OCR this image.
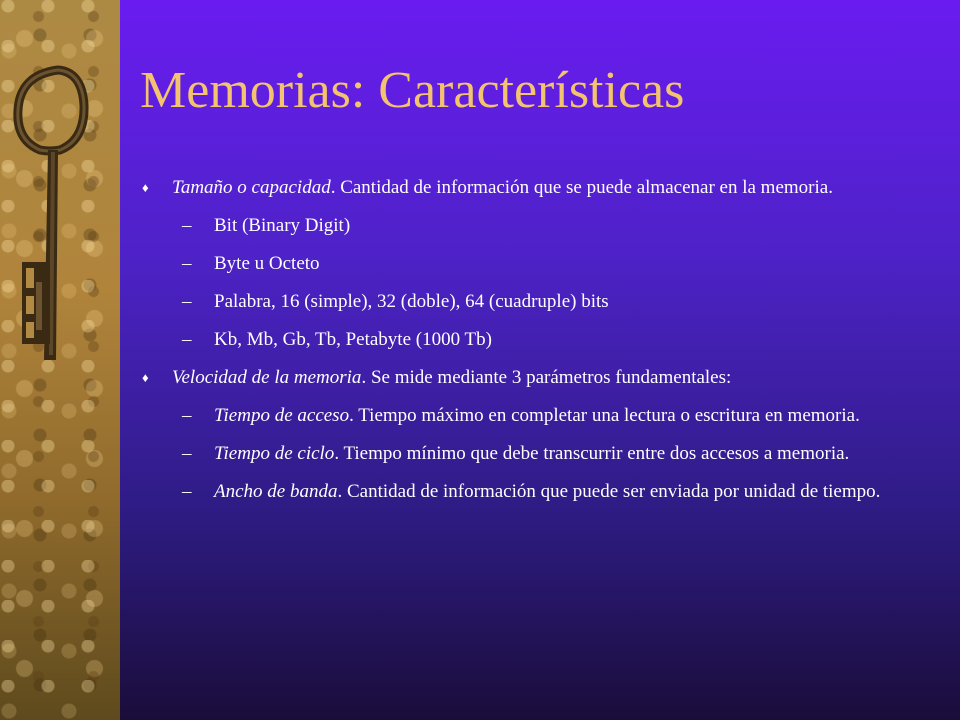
Memorias: Características
♦ Tamaño o capacidad. Cantidad de información que se puede almacenar en la memoria.
– Bit (Binary Digit)
– Byte u Octeto
– Palabra, 16 (simple), 32 (doble), 64 (cuadruple) bits
– Kb, Mb, Gb, Tb, Petabyte (1000 Tb)
♦ Velocidad de la memoria. Se mide mediante 3 parámetros fundamentales:
– Tiempo de acceso. Tiempo máximo en completar una lectura o escritura en memoria.
– Tiempo de ciclo. Tiempo mínimo que debe transcurrir entre dos accesos a memoria.
– Ancho de banda. Cantidad de información que puede ser enviada por unidad de tiempo.
